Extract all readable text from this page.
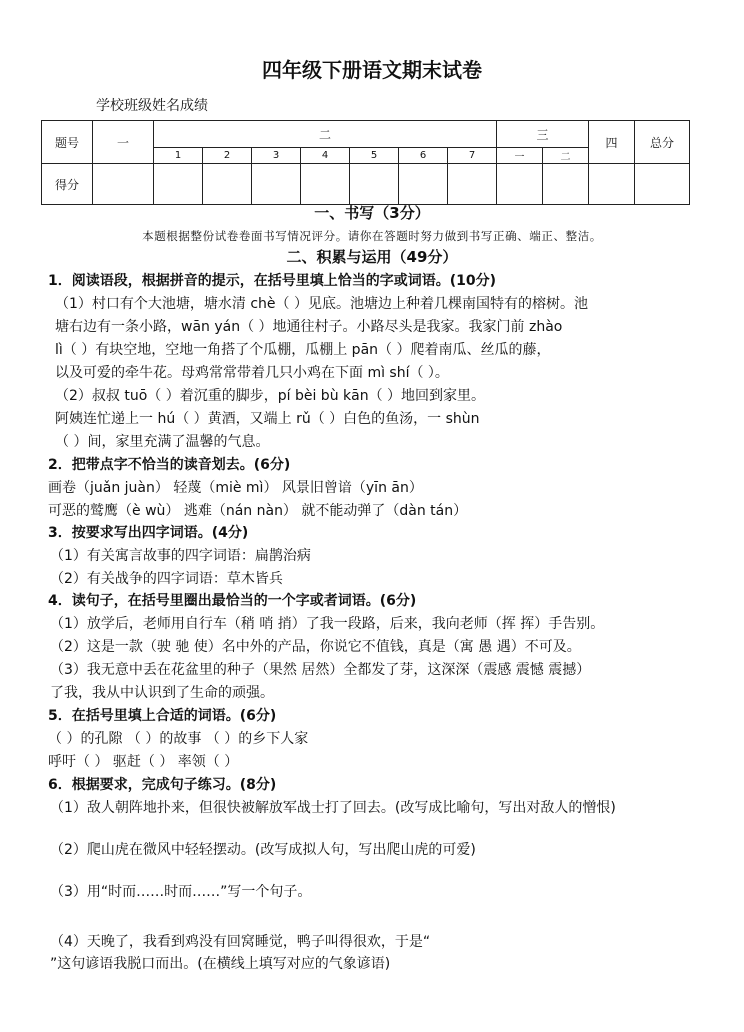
四年级下册语文期末试卷
学校班级姓名成绩
题号	一	二							三		四	总分
		1	2	3	4	5	6	7	一	二		
得分												
一、书写（3分）
本题根据整份试卷卷面书写情况评分。请你在答题时努力做到书写正确、端正、整洁。
二、积累与运用（49分）
1．阅读语段，根据拼音的提示，在括号里填上恰当的字或词语。(10分)
（1）村口有个大池塘，塘水清 chè（ ）见底。池塘边上种着几棵南国特有的榕树。池
塘右边有一条小路，wān yán（ ）地通往村子。小路尽头是我家。我家门前 zhào
lì（ ）有块空地，空地一角搭了个瓜棚，瓜棚上 pān（ ）爬着南瓜、丝瓜的藤，
以及可爱的牵牛花。母鸡常常带着几只小鸡在下面 mì shí（ ）。
（2）叔叔 tuō（ ）着沉重的脚步，pí bèi bù kān（ ）地回到家里。
阿姨连忙递上一 hú（ ）黄酒，又端上 rǔ（ ）白色的鱼汤，一 shùn
（ ）间，家里充满了温馨的气息。
2．把带点字不恰当的读音划去。(6分)
画卷（juǎn juàn） 轻蔑（miè mì） 风景旧曾谙（yīn ān）
可恶的鹫鹰（è wù） 逃难（nán nàn） 就不能动弹了（dàn tán）
3．按要求写出四字词语。(4分)
（1）有关寓言故事的四字词语：扁鹊治病
（2）有关战争的四字词语：草木皆兵
4．读句子，在括号里圈出最恰当的一个字或者词语。(6分)
（1）放学后，老师用自行车（稍 哨 捎）了我一段路，后来，我向老师（挥 挥）手告别。
（2）这是一款（驶 驰 使）名中外的产品，你说它不值钱，真是（寓 愚 遇）不可及。
（3）我无意中丢在花盆里的种子（果然 居然）全都发了芽，这深深（震感 震憾 震撼）
了我，我从中认识到了生命的顽强。
5．在括号里填上合适的词语。(6分)
（ ）的孔隙 （ ）的故事 （ ）的乡下人家
呼吁（ ） 驱赶（ ） 率领（ ）
6．根据要求，完成句子练习。(8分)
（1）敌人朝阵地扑来，但很快被解放军战士打了回去。(改写成比喻句，写出对敌人的憎恨)
（2）爬山虎在微风中轻轻摆动。(改写成拟人句，写出爬山虎的可爱)
（3）用“时而……时而……”写一个句子。
（4）天晚了，我看到鸡没有回窝睡觉，鸭子叫得很欢，于是“
”这句谚语我脱口而出。(在横线上填写对应的气象谚语)
